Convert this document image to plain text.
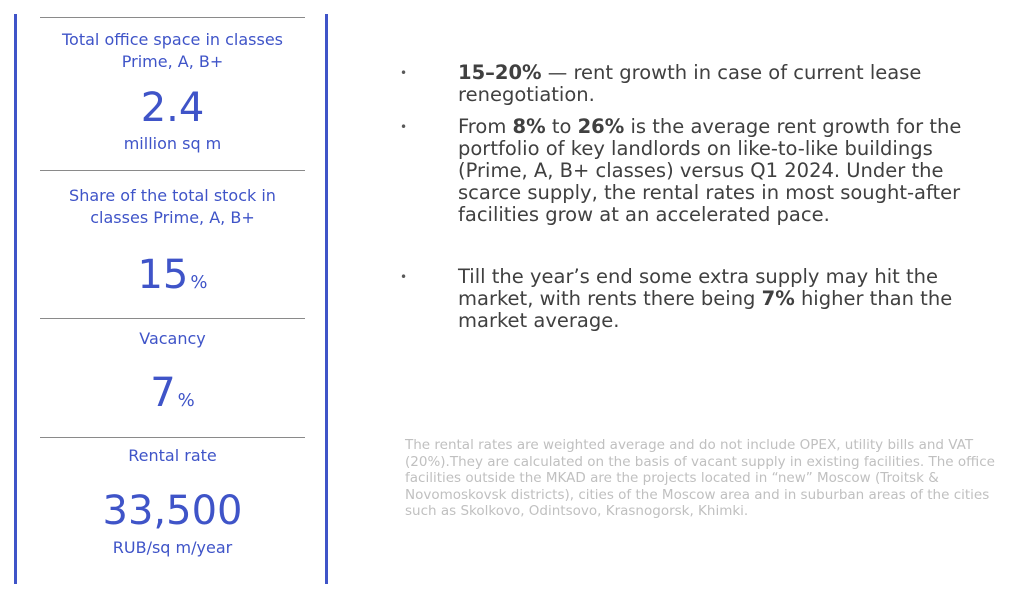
Total office space in classes Prime, A, B+
2.4
million sq m
Share of the total stock in classes Prime, A, B+
15 %
Vacancy
7 %
Rental rate
33,500
RUB/sq m/year
•	15–20% — rent growth in case of current lease renegotiation.
•	From 8% to 26% is the average rent growth for the portfolio of key landlords on like-to-like buildings (Prime, A, B+ classes) versus Q1 2024. Under the scarce supply, the rental rates in most sought-after facilities grow at an accelerated pace.
•	Till the year’s end some extra supply may hit the market, with rents there being 7% higher than the market average.
The rental rates are weighted average and do not include OPEX, utility bills and VAT (20%).They are calculated on the basis of vacant supply in existing facilities. The office facilities outside the MKAD are the projects located in “new” Moscow (Troitsk & Novomoskovsk districts), cities of the Moscow area and in suburban areas of the cities such as Skolkovo, Odintsovo, Krasnogorsk, Khimki.
